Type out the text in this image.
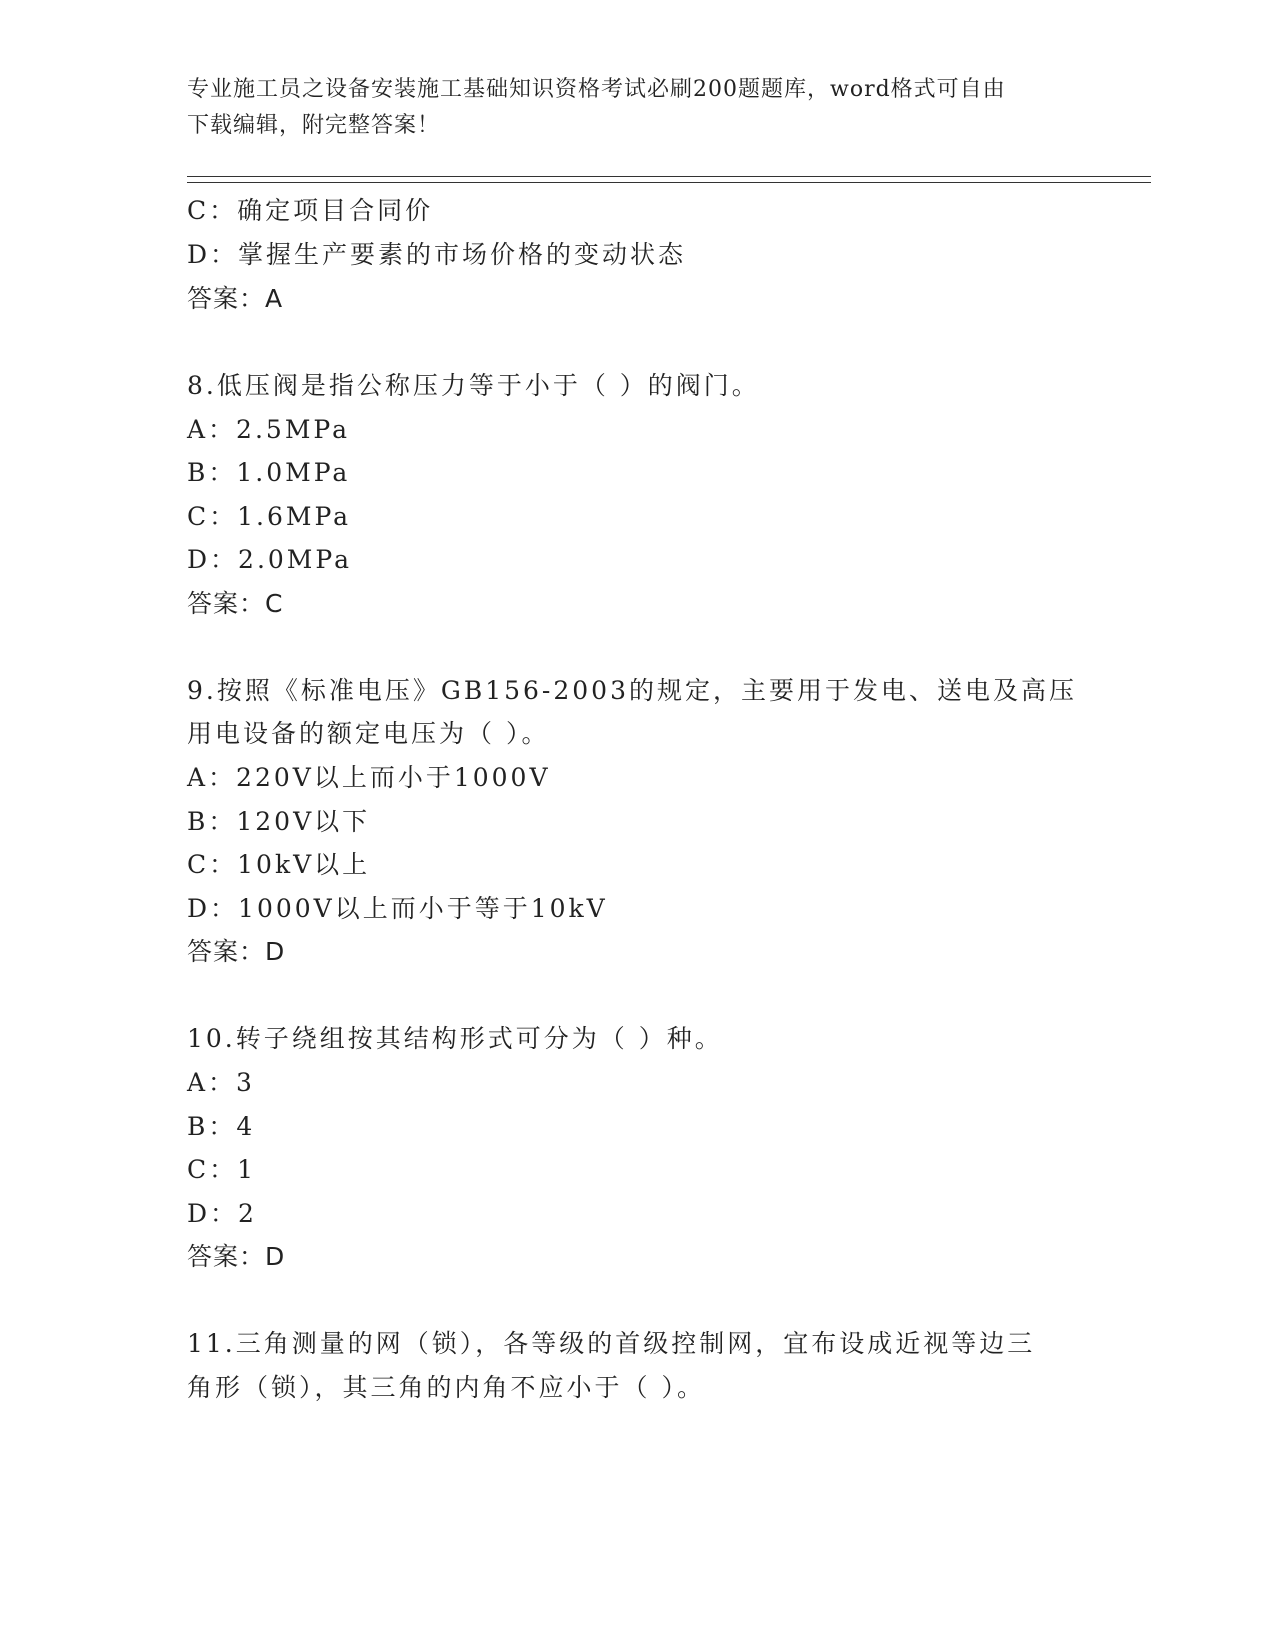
专业施工员之设备安装施工基础知识资格考试必刷200题题库，word格式可自由
下载编辑，附完整答案！
C：确定项目合同价
D：掌握生产要素的市场价格的变动状态
答案：A
8.低压阀是指公称压力等于小于（ ）的阀门。
A：2.5MPa
B：1.0MPa
C：1.6MPa
D：2.0MPa
答案：C
9.按照《标准电压》GB156-2003的规定，主要用于发电、送电及高压
用电设备的额定电压为（ ）。
A：220V以上而小于1000V
B：120V以下
C：10kV以上
D：1000V以上而小于等于10kV
答案：D
10.转子绕组按其结构形式可分为（ ）种。
A：3
B：4
C：1
D：2
答案：D
11.三角测量的网（锁），各等级的首级控制网，宜布设成近视等边三
角形（锁），其三角的内角不应小于（ ）。
